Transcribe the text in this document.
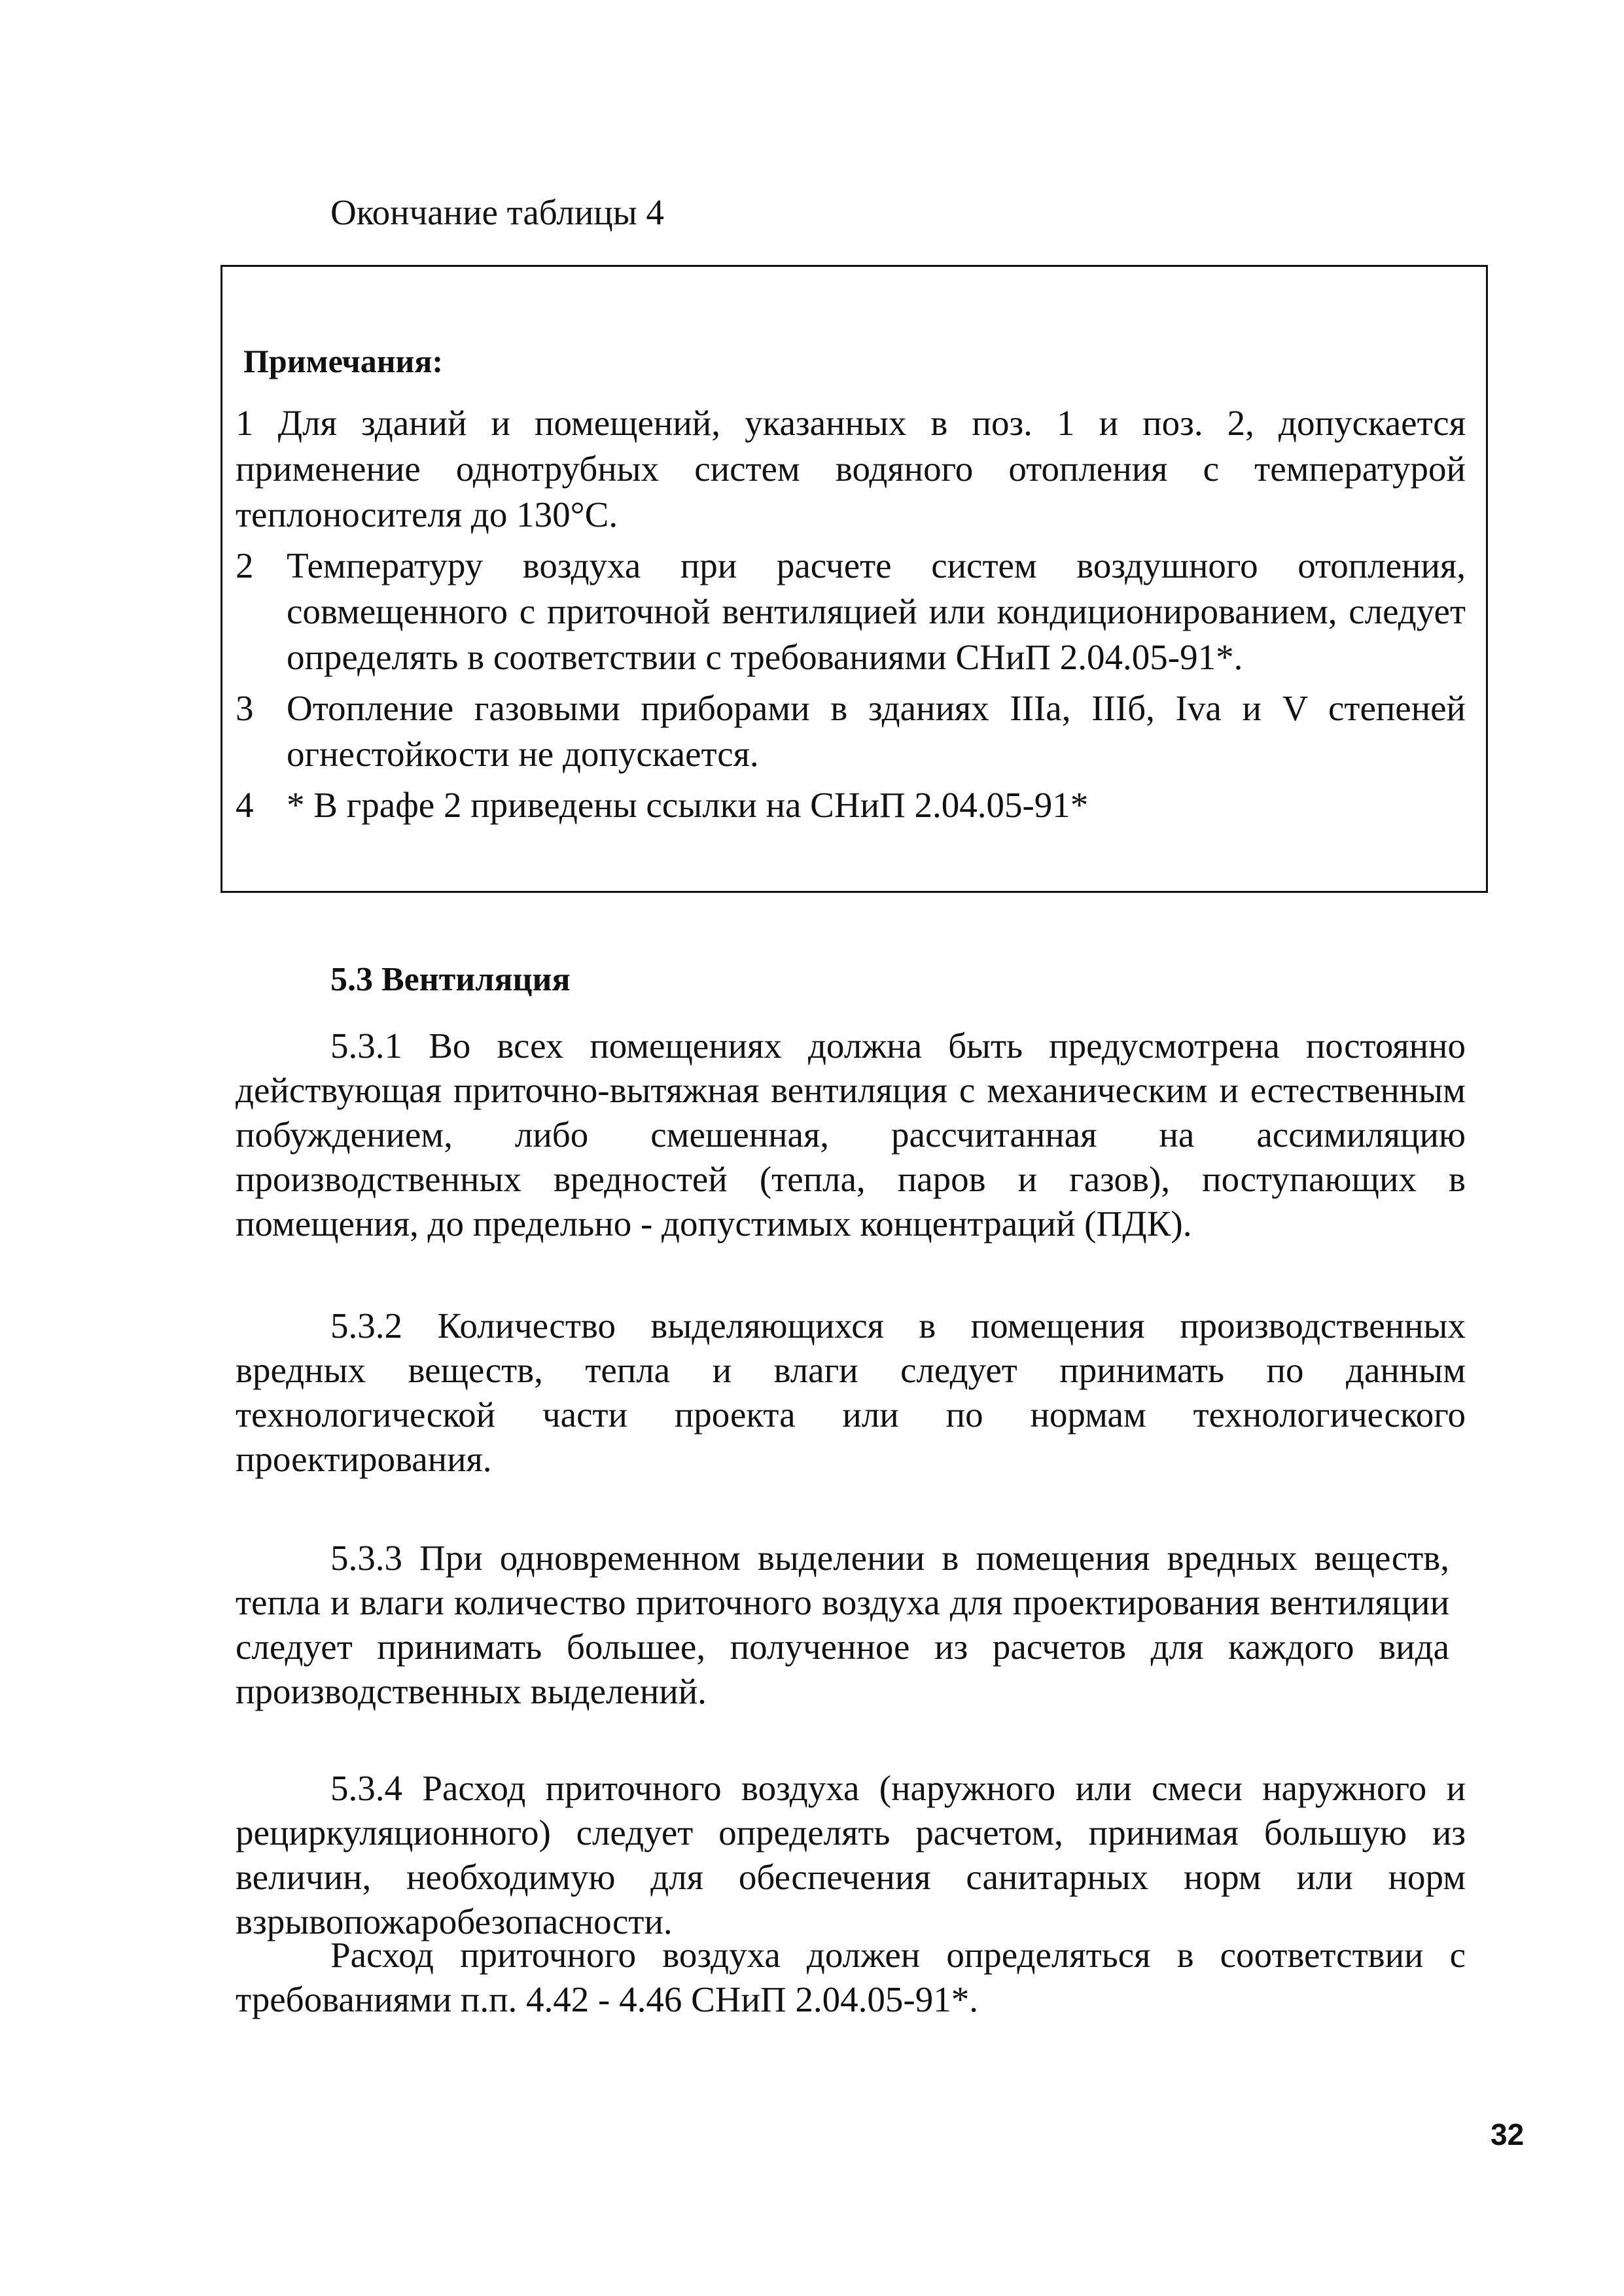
Окончание таблицы 4
Примечания:
1 Для зданий и помещений, указанных в поз. 1 и поз. 2, допускается применение однотрубных систем водяного отопления с температурой теплоносителя до 130°С.
2 Температуру воздуха при расчете систем воздушного отопления, совмещенного с приточной вентиляцией или кондиционированием, следует определять в соответствии с требованиями СНиП 2.04.05-91*.
3 Отопление газовыми приборами в зданиях IIIа, IIIб, Iva и V степеней огнестойкости не допускается.
4 * В графе 2 приведены ссылки на СНиП 2.04.05-91*
5.3 Вентиляция
5.3.1 Во всех помещениях должна быть предусмотрена постоянно действующая приточно-вытяжная вентиляция с механическим и естественным побуждением, либо смешенная, рассчитанная на ассимиляцию производственных вредностей (тепла, паров и газов), поступающих в помещения, до предельно - допустимых концентраций (ПДК).
5.3.2 Количество выделяющихся в помещения производственных вредных веществ, тепла и влаги следует принимать по данным технологической части проекта или по нормам технологического проектирования.
5.3.3 При одновременном выделении в помещения вредных веществ, тепла и влаги количество приточного воздуха для проектирования вентиляции следует принимать большее, полученное из расчетов для каждого вида производственных выделений.
5.3.4 Расход приточного воздуха (наружного или смеси наружного и рециркуляционного) следует определять расчетом, принимая большую из величин, необходимую для обеспечения санитарных норм или норм взрывопожаробезопасности.
Расход приточного воздуха должен определяться в соответствии с требованиями п.п. 4.42 - 4.46 СНиП 2.04.05-91*.
32
